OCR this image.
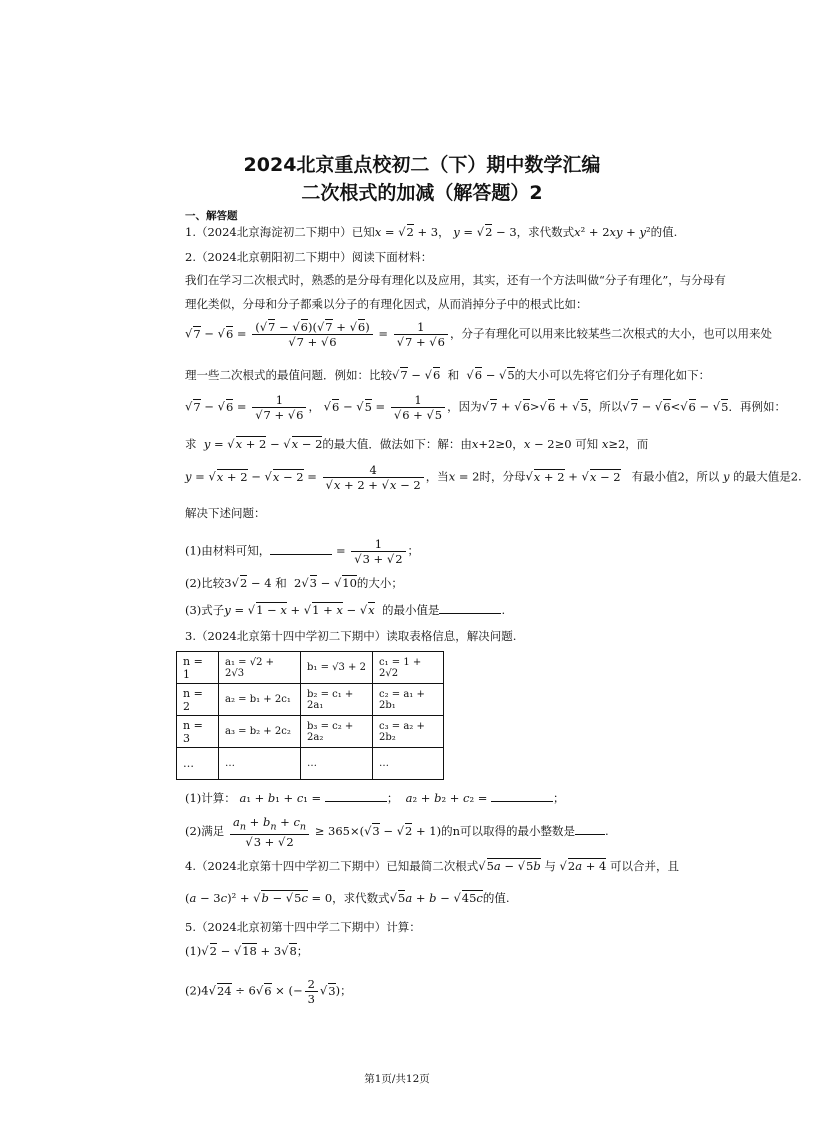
2024北京重点校初二（下）期中数学汇编
二次根式的加减（解答题）2
一、解答题
1.（2024北京海淀初二下期中）已知x = √2 + 3， y = √2 − 3，求代数式x² + 2xy + y²的值.
2.（2024北京朝阳初二下期中）阅读下面材料：
我们在学习二次根式时，熟悉的是分母有理化以及应用，其实，还有一个方法叫做“分子有理化”，与分母有
理化类似，分母和分子都乘以分子的有理化因式，从而消掉分子中的根式比如：
$√7 - √6 = \frac{(√7 - √6)(√7 + √6)}{√7 + √6} = \frac{1}{√7 + √6}$ ，分子有理化可以用来比较某些二次根式的大小，也可以用来处
理一些二次根式的最值问题．例如：比较√7 − √6 和  √6 − √5的大小可以先将它们分子有理化如下：
$√7 - √6 = \frac{1}{√7 + √6}$ ， $√6 - √5 = \frac{1}{√6 + √5}$ ，因为√7 + √6>√6 + √5，所以√7 − √6<√6 − √5．再例如：
求 y = √x + 2 − √x − 2的最大值．做法如下：解：由x+2≥0，x − 2≥0 可知 x≥2，而
$y = √x + 2 - √x - 2 = \frac{4}{√x + 2 + √x - 2}$ ，当x = 2时，分母√x + 2 + √x − 2 有最小值2，所以 y 的最大值是2.
解决下述问题：
(1)由材料可知，	= $\frac{1}{√3 + √2}$ ；
(2)比较3√2 − 4 和  2√3 − √10的大小；
(3)式子y = √1 − x + √1 + x − √x 的最小值是	.
3.（2024北京第十四中学初二下期中）读取表格信息，解决问题.
n = 1	a₁ = √2 + 2√3	b₁ = √3 + 2	c₁ = 1 + 2√2
n = 2	a₂ = b₁ + 2c₁	b₂ = c₁ + 2a₁	c₂ = a₁ + 2b₁
n = 3	a₃ = b₂ + 2c₂	b₃ = c₂ + 2a₂	c₃ = a₂ + 2b₂
…	…	…	…
(1)计算： a₁ + b₁ + c₁ =	； a₂ + b₂ + c₂ =	；
(2)满足 $\frac{a_n + b_n + c_n}{√3 + √2} \ge 365\times(√3 - √2 + 1)$的n可以取得的最小整数是	.
4.（2024北京第十四中学初二下期中）已知最简二次根式√5a − √5b 与 √2a + 4 可以合并，且
(a − 3c)² + √b − √5c = 0，求代数式√5a + b − √45c的值.
5.（2024北京初第十四中学二下期中）计算：
(1)√2 − √18 + 3√8；
(2)4√24 ÷ 6√6 × (− $\frac{2}{3} √3$)；
第1页/共12页
